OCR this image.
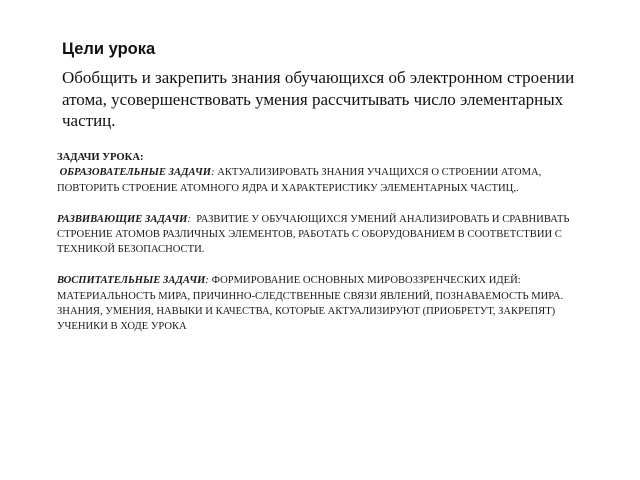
Цели урока
Обобщить и закрепить знания обучающихся об электронном строении атома, усовершенствовать умения рассчитывать число элементарных частиц.

ЗАДАЧИ УРОКА:

ОБРАЗОВАТЕЛЬНЫЕ ЗАДАЧИ: АКТУАЛИЗИРОВАТЬ ЗНАНИЯ УЧАЩИХСЯ О СТРОЕНИИ АТОМА, ПОВТОРИТЬ СТРОЕНИЕ АТОМНОГО ЯДРА И ХАРАКТЕРИСТИКУ ЭЛЕМЕНТАРНЫХ ЧАСТИЦ,.

РАЗВИВАЮЩИЕ ЗАДАЧИ: РАЗВИТИЕ У ОБУЧАЮЩИХСЯ УМЕНИЙ АНАЛИЗИРОВАТЬ И СРАВНИВАТЬ СТРОЕНИЕ АТОМОВ РАЗЛИЧНЫХ ЭЛЕМЕНТОВ, РАБОТАТЬ С ОБОРУДОВАНИЕМ В СООТВЕТСТВИИ С ТЕХНИКОЙ БЕЗОПАСНОСТИ.

ВОСПИТАТЕЛЬНЫЕ ЗАДАЧИ: ФОРМИРОВАНИЕ ОСНОВНЫХ МИРОВОЗЗРЕНЧЕСКИХ ИДЕЙ: МАТЕРИАЛЬНОСТЬ МИРА, ПРИЧИННО-СЛЕДСТВЕННЫЕ СВЯЗИ ЯВЛЕНИЙ, ПОЗНАВАЕМОСТЬ МИРА.

ЗНАНИЯ, УМЕНИЯ, НАВЫКИ И КАЧЕСТВА, КОТОРЫЕ АКТУАЛИЗИРУЮТ (ПРИОБРЕТУТ, ЗАКРЕПЯТ) УЧЕНИКИ В ХОДЕ УРОКА
